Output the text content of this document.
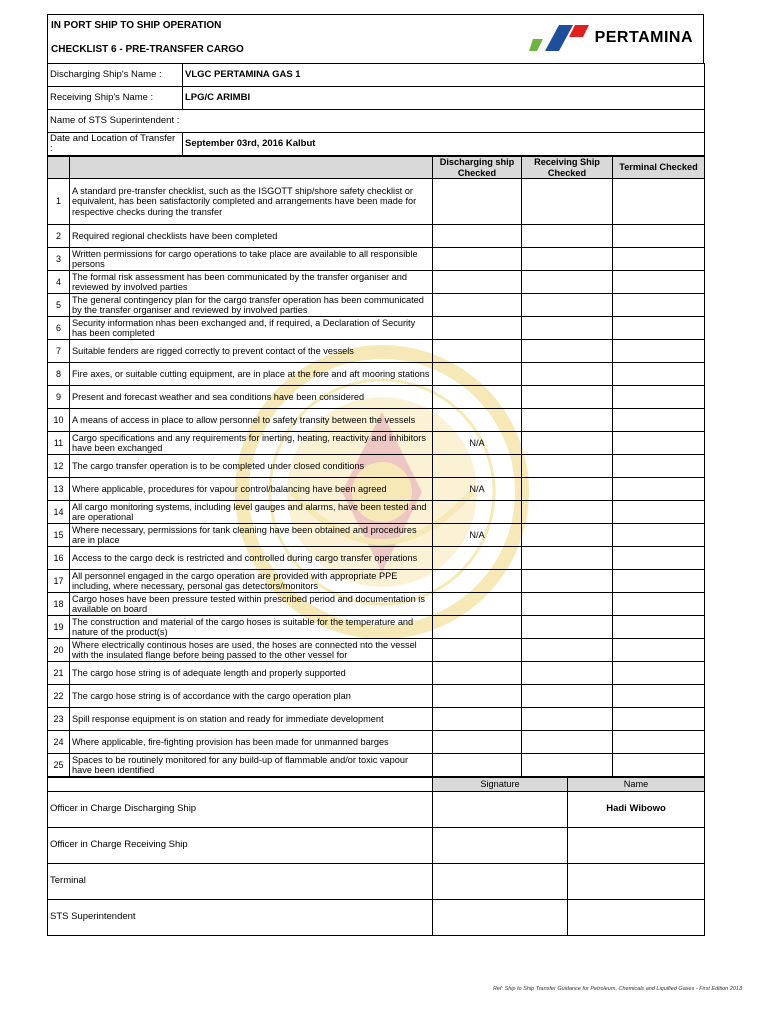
IN PORT SHIP TO SHIP OPERATION
CHECKLIST 6 - PRE-TRANSFER CARGO
PERTAMINA
Discharging Ship's Name :	VLGC PERTAMINA GAS 1
Receiving Ship's Name :	LPG/C ARIMBI
Name of STS Superintendent :	
Date and Location of Transfer :	September 03rd, 2016 Kalbut
		Discharging ship Checked	Receiving Ship Checked	Terminal Checked
1	A standard pre-transfer checklist, such as the ISGOTT ship/shore safety checklist or equivalent, has been satisfactorily completed and arrangements have been made for respective checks during the transfer			
2	Required regional checklists have been completed			
3	Written permissions for cargo operations to take place are available to all responsible persons			
4	The formal risk assessment has been communicated by the transfer organiser and reviewed by involved parties			
5	The general contingency plan for the cargo transfer operation has been communicated by the transfer organiser and reviewed by involved parties			
6	Security information nhas been exchanged and, if required, a Declaration of Security has been completed			
7	Suitable fenders are rigged correctly to prevent contact of the vessels			
8	Fire axes, or suitable cutting equipment, are in place at the fore and aft mooring stations			
9	Present and forecast weather and sea conditions have been considered			
10	A means of access in place to allow personnel to safety transity between the vessels			
11	Cargo specifications and any requirements for inerting, heating, reactivity and inhibitors have been exchanged	N/A		
12	The cargo transfer operation is to be completed under closed conditions			
13	Where applicable, procedures for vapour control/balancing have been agreed	N/A		
14	All cargo monitoring systems, including level gauges and alarms, have been tested and are operational			
15	Where necessary, permissions for tank cleaning have been obtained and procedures are in place	N/A		
16	Access to the cargo deck is restricted and controlled during cargo transfer operations			
17	All personnel engaged in the cargo operation are provided with appropriate PPE including, where necessary, personal gas detectors/monitors			
18	Cargo hoses have been pressure tested within prescribed period and documentation is available on board			
19	The construction and material of the cargo hoses is suitable for the temperature and nature of the product(s)			
20	Where electrically continous hoses are used, the hoses are connected nto the vessel with the insulated flange before being passed to the other vessel for			
21	The cargo hose string is of adequate length and properly supported			
22	The cargo hose string is of accordance with the cargo operation plan			
23	Spill response equipment is on station and ready for immediate development			
24	Where applicable, fire-fighting provision has been made for unmanned barges			
25	Spaces to be routinely monitored for any build-up of flammable and/or toxic vapour have been identified			
	Signature	Name
Officer in Charge Discharging Ship		Hadi Wibowo
Officer in Charge Receiving Ship		
Terminal		
STS Superintendent		
Ref: Ship to Ship Transfer Guidance for Petroleum, Chemicals and Liquified Gases - First Edition 2013
